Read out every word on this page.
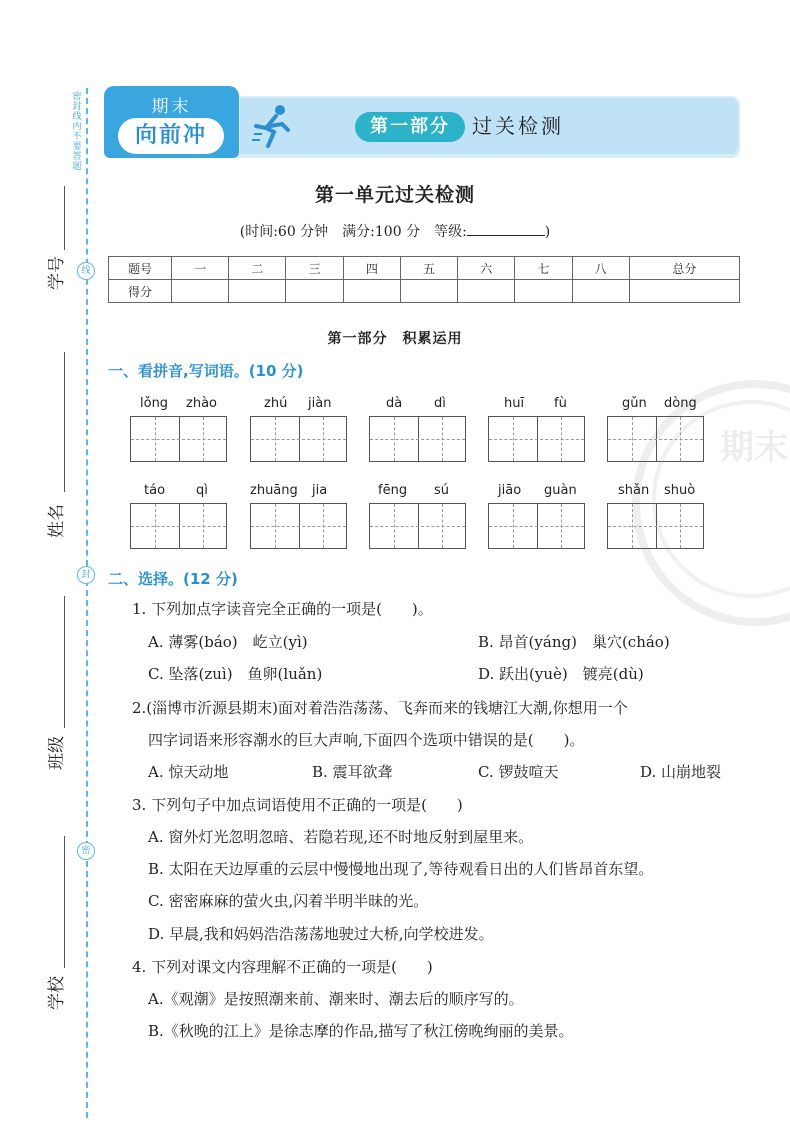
期末
密封线内不要答题
线
封
密
学号
姓名
班级
学校
期末
向前冲	第一部分	过关检测
第一单元过关检测
(时间:60 分钟　满分:100 分　等级:	)
题号	一	二	三	四	五	六	七	八	总分
得分									
第一部分　积累运用
一、看拼音,写词语。(10 分)
lǒng zhào	zhú jiàn	dà dì	huī fù	gǔn dòng
táo qì	zhuāng jia	fēng sú	jiāo guàn	shǎn shuò
二、选择。(12 分)
1. 下列加点字读音完全正确的一项是(　　)。
A. 薄雾(báo)　屹立(yì)	B. 昂首(yáng)　巢穴(cháo)
C. 坠落(zuì)　鱼卵(luǎn)	D. 跃出(yuè)　镀亮(dù)
2.(淄博市沂源县期末)面对着浩浩荡荡、飞奔而来的钱塘江大潮,你想用一个
四字词语来形容潮水的巨大声响,下面四个选项中错误的是(　　)。
A. 惊天动地	B. 震耳欲聋	C. 锣鼓喧天	D. 山崩地裂
3. 下列句子中加点词语使用不正确的一项是(　　)
A. 窗外灯光忽明忽暗、若隐若现,还不时地反射到屋里来。
B. 太阳在天边厚重的云层中慢慢地出现了,等待观看日出的人们皆昂首东望。
C. 密密麻麻的萤火虫,闪着半明半昧的光。
D. 早晨,我和妈妈浩浩荡荡地驶过大桥,向学校进发。
4. 下列对课文内容理解不正确的一项是(　　)
A.《观潮》是按照潮来前、潮来时、潮去后的顺序写的。
B.《秋晚的江上》是徐志摩的作品,描写了秋江傍晚绚丽的美景。
